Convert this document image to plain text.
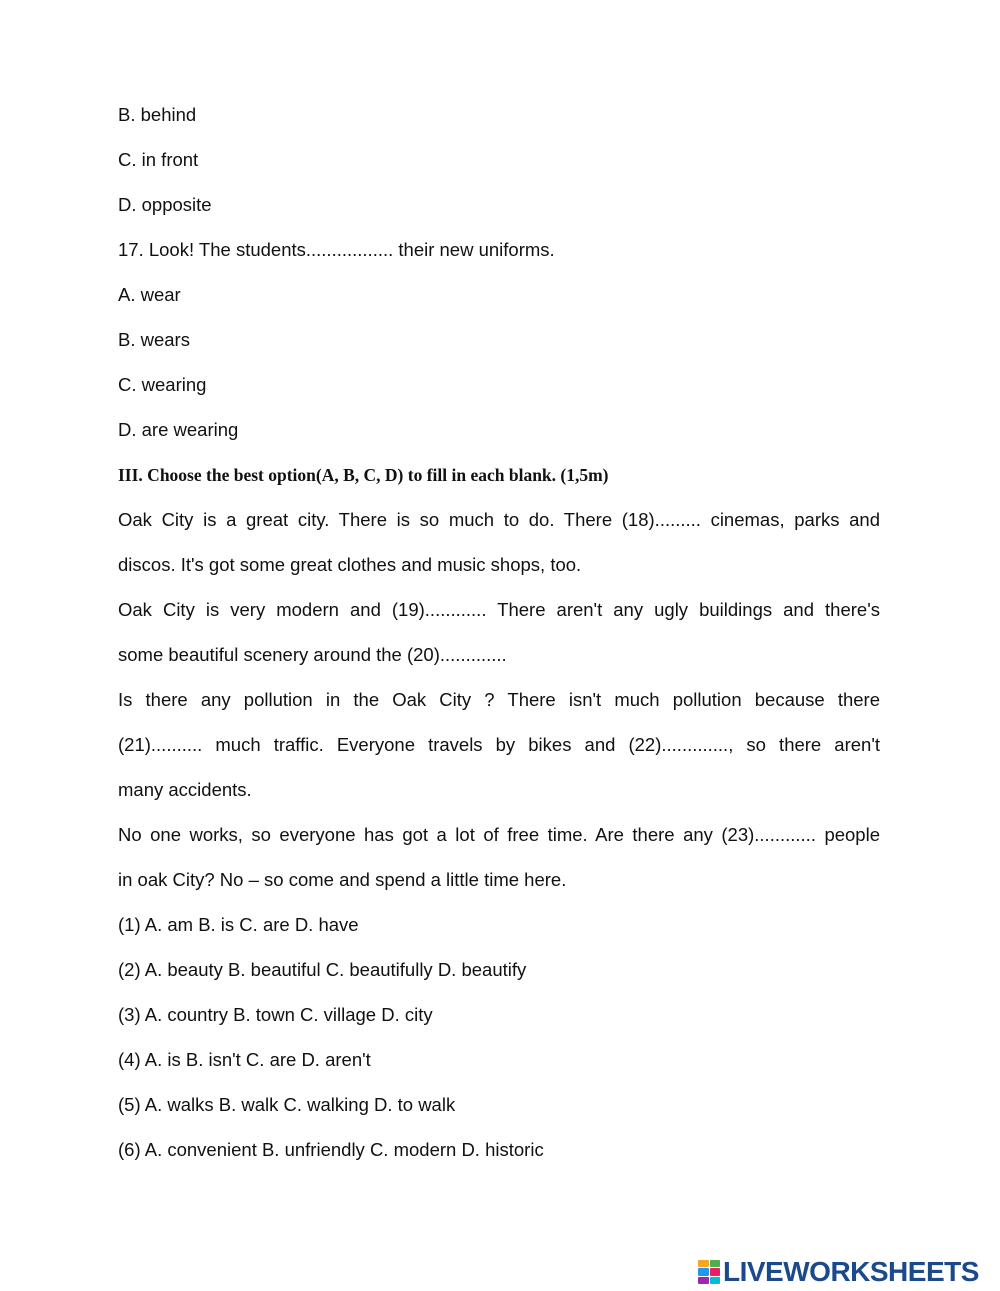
B. behind
C. in front
D. opposite
17. Look! The students................. their new uniforms.
A. wear
B. wears
C. wearing
D. are wearing
III. Choose the best option(A, B, C, D) to fill in each blank. (1,5m)
Oak City is a great city. There is so much to do. There (18)......... cinemas, parks and
discos. It's got some great clothes and music shops, too.
Oak City is very modern and (19)............ There aren't any ugly buildings and there's
some beautiful scenery around the (20).............
Is there any pollution in the Oak City ? There isn't much pollution because there
(21).......... much traffic. Everyone travels by bikes and (22)............., so there aren't
many accidents.
No one works, so everyone has got a lot of free time. Are there any (23)............ people
in oak City? No – so come and spend a little time here.
(1) A. am B. is C. are D. have
(2) A. beauty B. beautiful C. beautifully D. beautify
(3) A. country B. town C. village D. city
(4) A. is B. isn't C. are D. aren't
(5) A. walks B. walk C. walking D. to walk
(6) A. convenient B. unfriendly C. modern D. historic
LIVEWORKSHEETS
